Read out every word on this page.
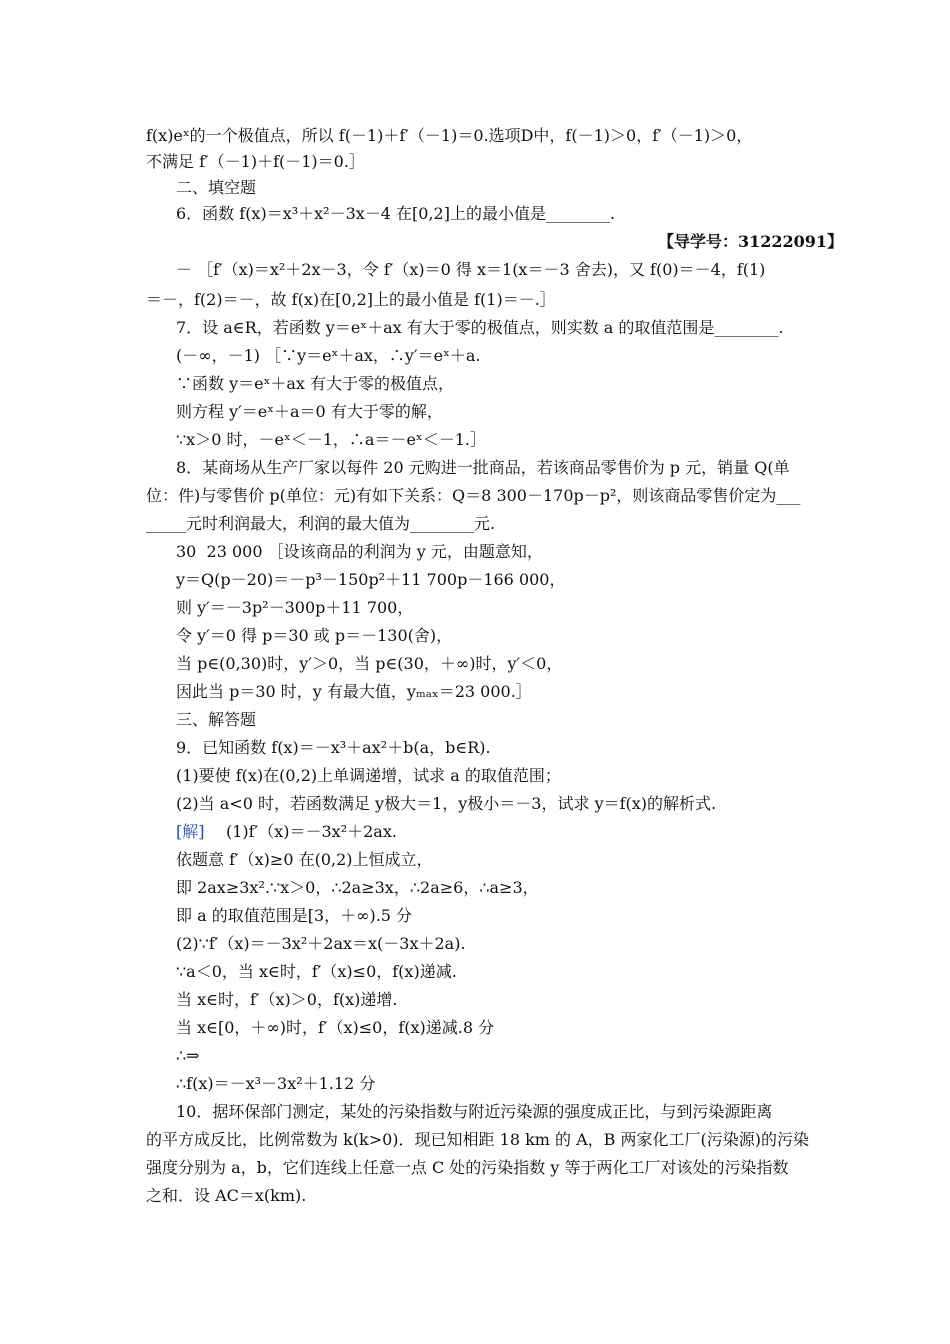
f(x)eˣ的一个极值点，所以 f(－1)＋f′（－1)＝0.选项D中，f(－1)＞0，f′（－1)＞0，
不满足 f′（－1)＋f(－1)＝0.］
二、填空题
6．函数 f(x)＝x³＋x²－3x－4 在[0,2]上的最小值是________.
【导学号：31222091】
－ ［f′（x)＝x²＋2x－3，令 f′（x)＝0 得 x＝1(x＝－3 舍去)，又 f(0)＝－4，f(1)
＝－，f(2)＝－，故 f(x)在[0,2]上的最小值是 f(1)＝－.］
7．设 a∈R，若函数 y＝eˣ＋ax 有大于零的极值点，则实数 a 的取值范围是________.
(－∞，－1) ［∵y＝eˣ＋ax，∴y′＝eˣ＋a.
∵函数 y＝eˣ＋ax 有大于零的极值点，
则方程 y′＝eˣ＋a＝0 有大于零的解，
∵x＞0 时，－eˣ＜－1，∴a＝－eˣ＜－1.］
8．某商场从生产厂家以每件 20 元购进一批商品，若该商品零售价为 p 元，销量 Q(单
位：件)与零售价 p(单位：元)有如下关系：Q＝8 300－170p－p²，则该商品零售价定为___
_____元时利润最大，利润的最大值为________元.
30  23 000 ［设该商品的利润为 y 元，由题意知，
y＝Q(p－20)＝－p³－150p²＋11 700p－166 000，
则 y′＝－3p²－300p＋11 700，
令 y′＝0 得 p＝30 或 p＝－130(舍)，
当 p∈(0,30)时，y′＞0，当 p∈(30，＋∞)时，y′＜0，
因此当 p＝30 时，y 有最大值，yₘₐₓ＝23 000.］
三、解答题
9．已知函数 f(x)＝－x³＋ax²＋b(a，b∈R).
(1)要使 f(x)在(0,2)上单调递增，试求 a 的取值范围；
(2)当 a<0 时，若函数满足 y极大＝1，y极小＝－3，试求 y＝f(x)的解析式.
[解] (1)f′（x)＝－3x²＋2ax.
依题意 f′（x)≥0 在(0,2)上恒成立，
即 2ax≥3x².∵x＞0，∴2a≥3x，∴2a≥6，∴a≥3，
即 a 的取值范围是[3，＋∞).5 分
(2)∵f′（x)＝－3x²＋2ax＝x(－3x＋2a).
∵a＜0，当 x∈时，f′（x)≤0，f(x)递减.
当 x∈时，f′（x)＞0，f(x)递增.
当 x∈[0，＋∞)时，f′（x)≤0，f(x)递减.8 分
∴⇒
∴f(x)＝－x³－3x²＋1.12 分
10．据环保部门测定，某处的污染指数与附近污染源的强度成正比，与到污染源距离
的平方成反比，比例常数为 k(k>0)．现已知相距 18 km 的 A，B 两家化工厂(污染源)的污染
强度分别为 a，b，它们连线上任意一点 C 处的污染指数 y 等于两化工厂对该处的污染指数
之和．设 AC＝x(km).
